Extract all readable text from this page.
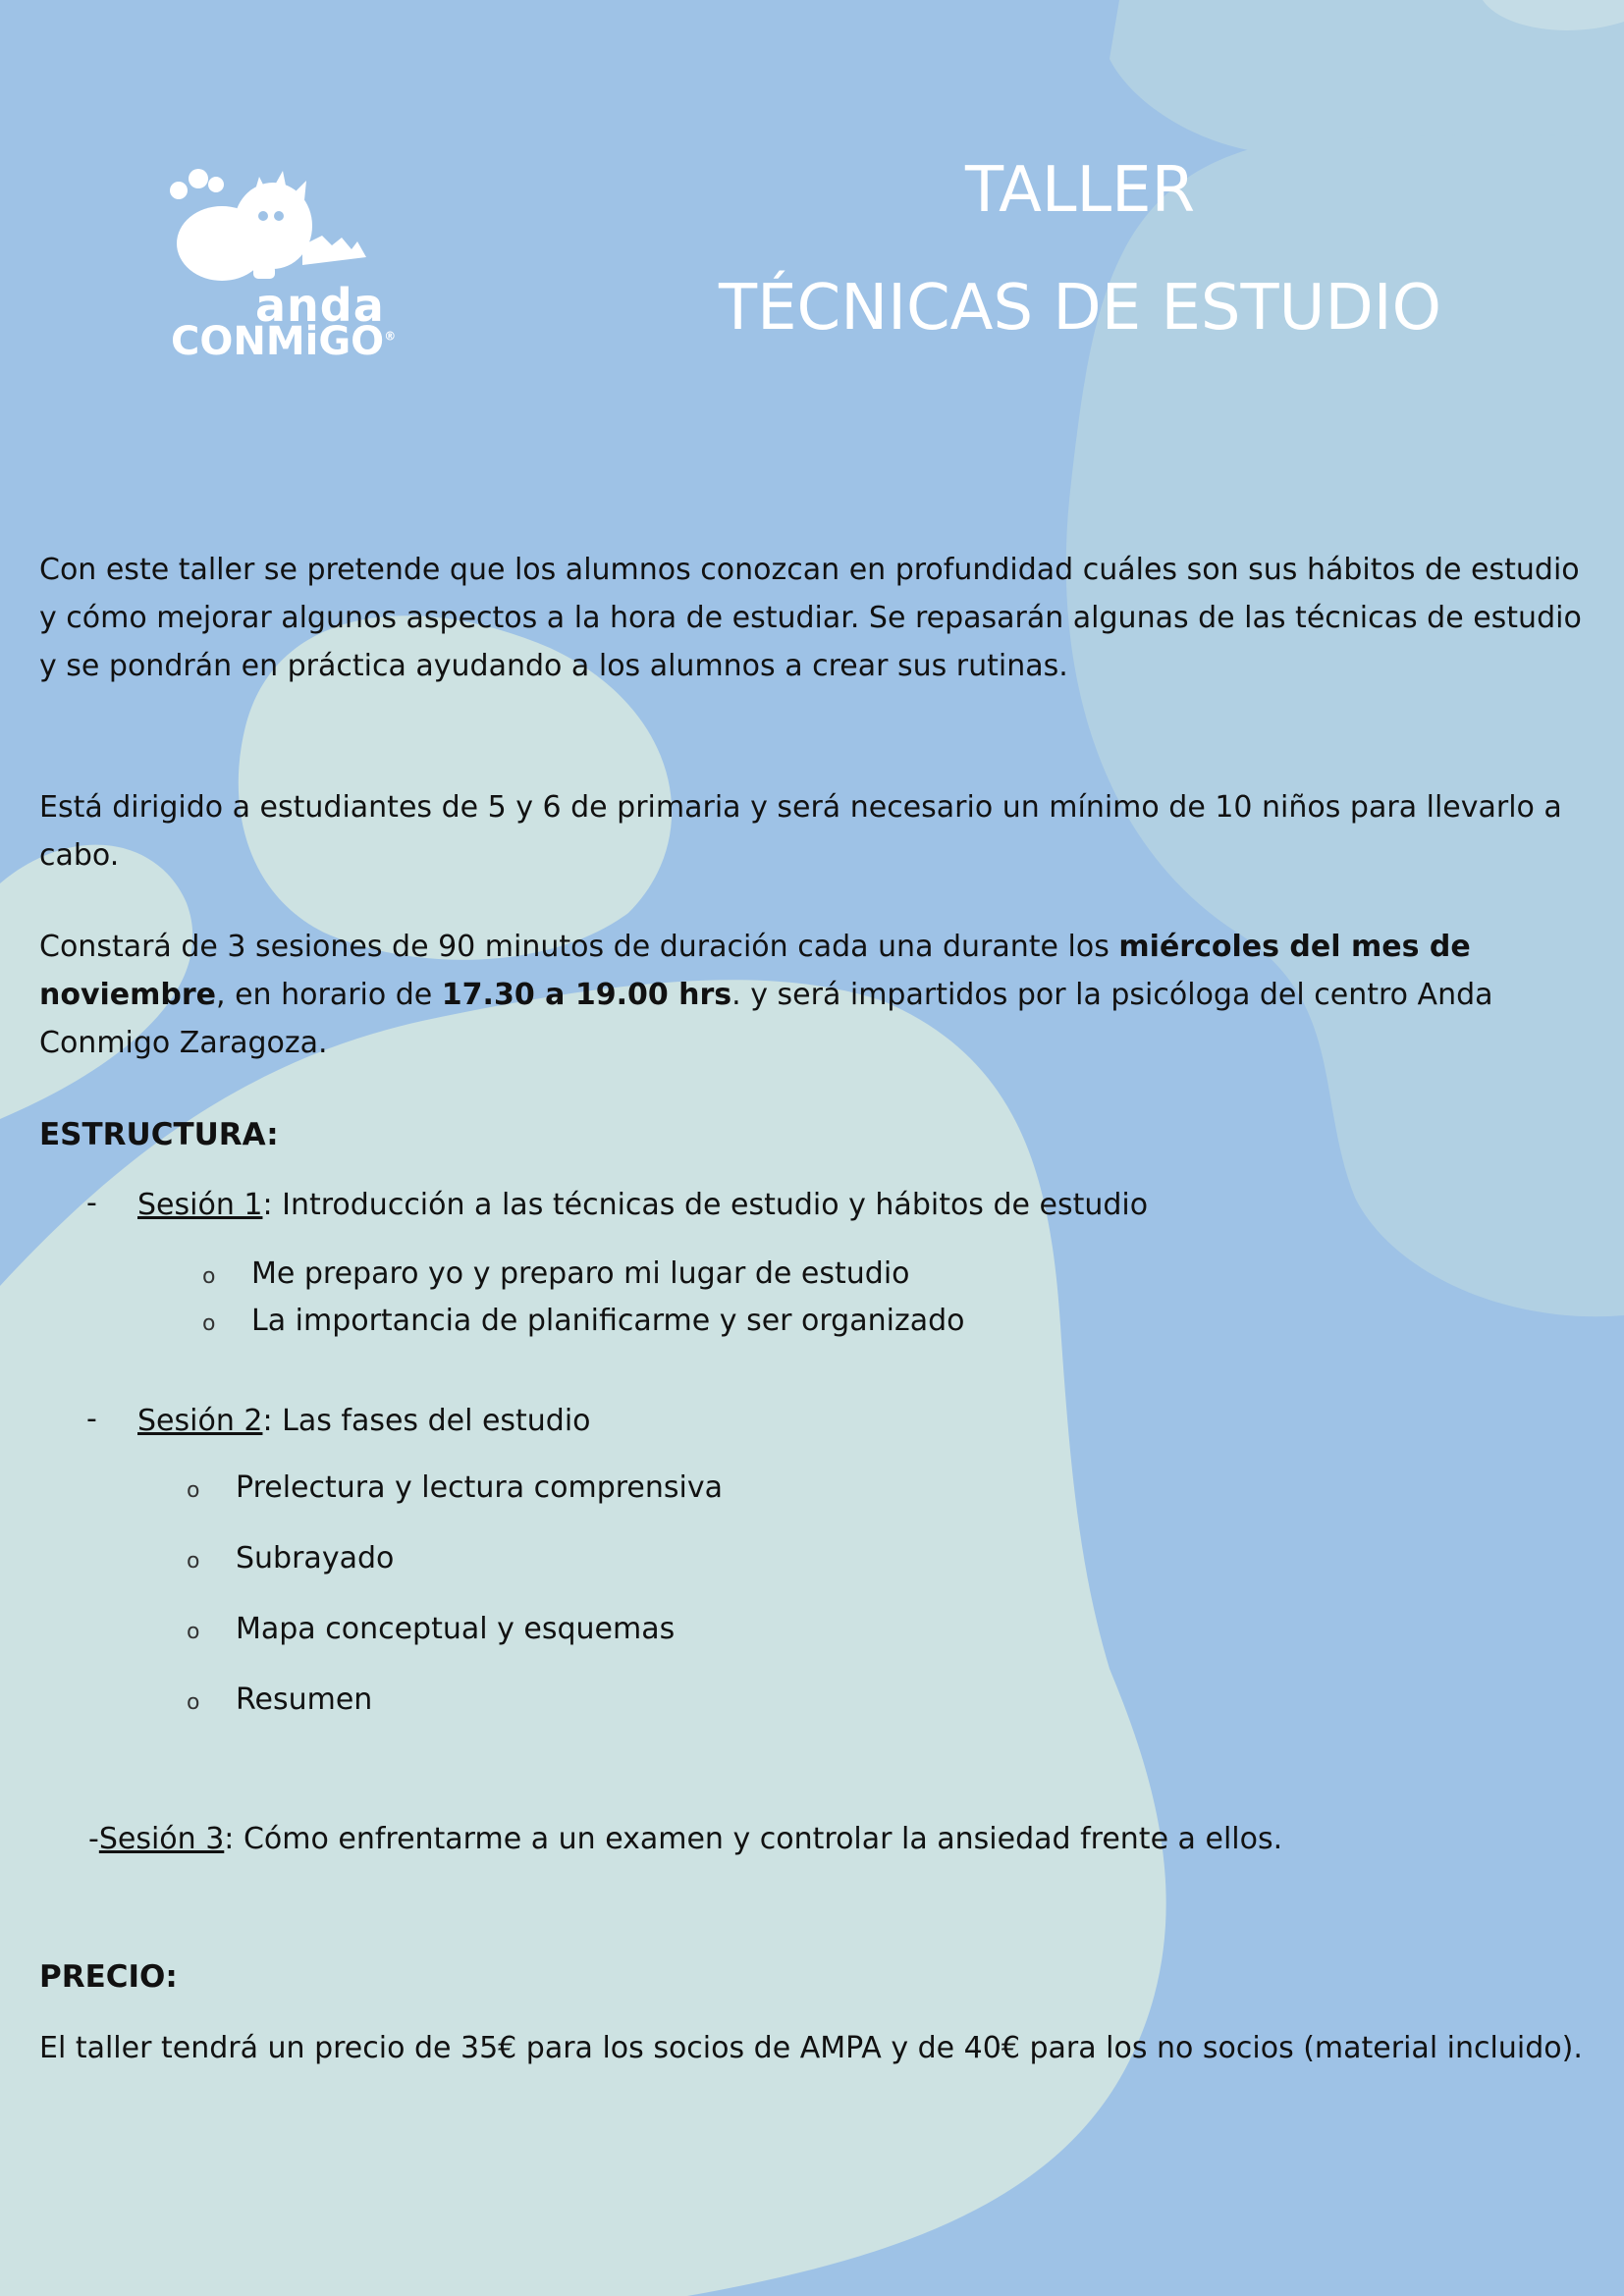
anda
CONMiGO®
TALLER
TÉCNICAS DE ESTUDIO

Con este taller se pretende que los alumnos conozcan en profundidad cuáles son sus hábitos de estudio y cómo mejorar algunos aspectos a la hora de estudiar. Se repasarán algunas de las técnicas de estudio y se pondrán en práctica ayudando a los alumnos a crear sus rutinas.

Está dirigido a estudiantes de 5 y 6 de primaria y será necesario un mínimo de 10 niños para llevarlo a cabo.

Constará de 3 sesiones de 90 minutos de duración cada una durante los miércoles del mes de noviembre, en horario de 17.30 a 19.00 hrs. y será impartidos por la psicóloga del centro Anda Conmigo Zaragoza.

ESTRUCTURA:

- Sesión 1: Introducción a las técnicas de estudio y hábitos de estudio
o Me preparo yo y preparo mi lugar de estudio
o La importancia de planificarme y ser organizado
- Sesión 2: Las fases del estudio
o Prelectura y lectura comprensiva
o Subrayado
o Mapa conceptual y esquemas
o Resumen
-Sesión 3: Cómo enfrentarme a un examen y controlar la ansiedad frente a ellos.

PRECIO:

El taller tendrá un precio de 35€ para los socios de AMPA y de 40€ para los no socios (material incluido).
